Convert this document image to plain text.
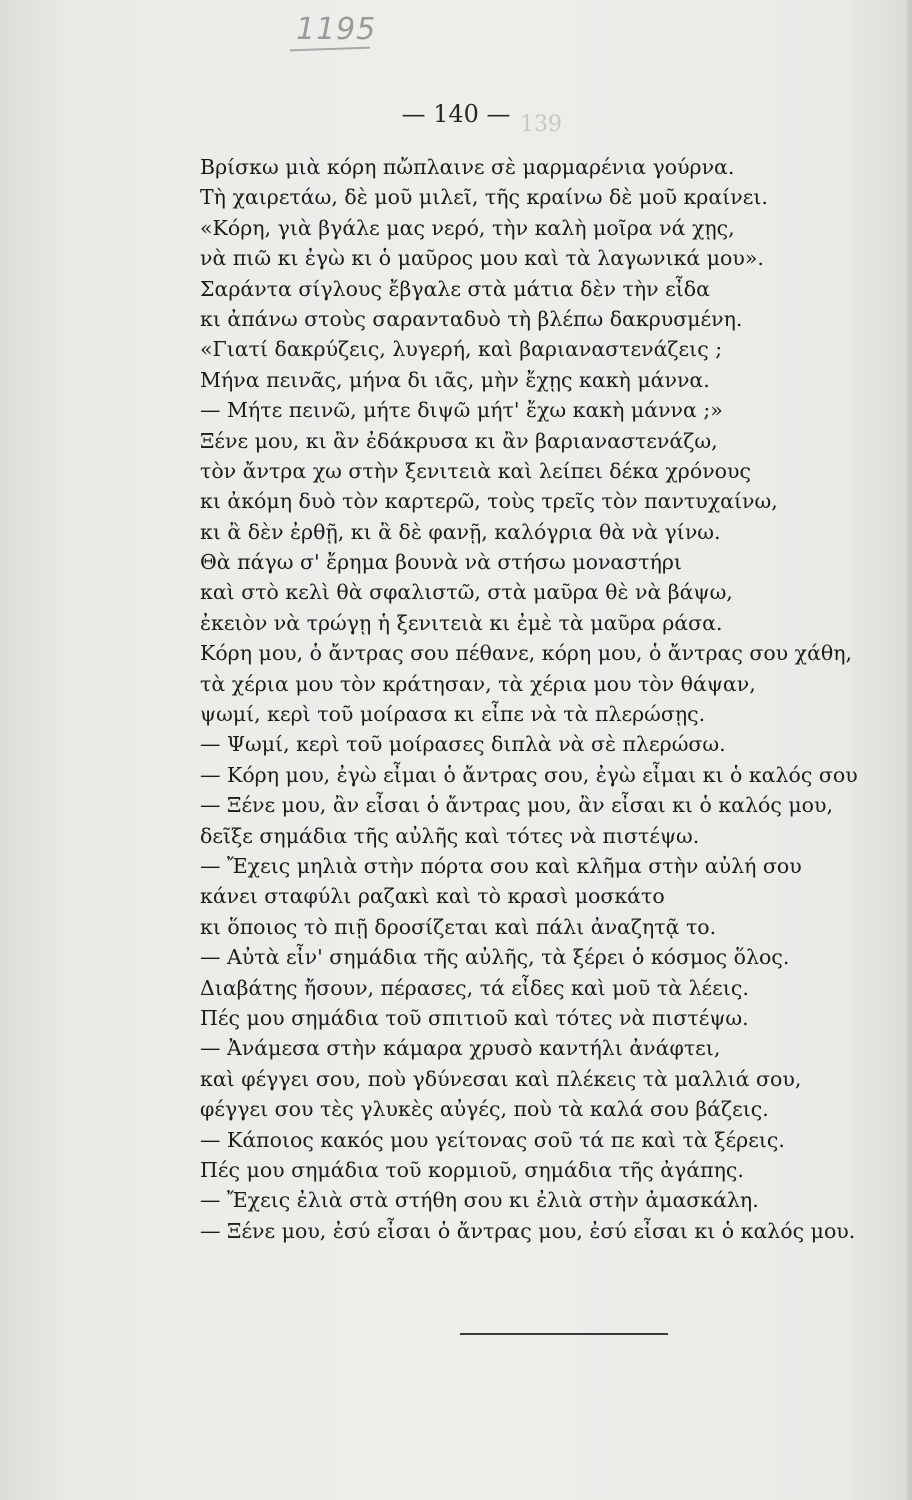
1195
139
— 140 —
Βρίσκω μιὰ κόρη πὤπλαινε σὲ μαρμαρένια γούρνα.
Τὴ χαιρετάω, δὲ μοῦ μιλεῖ, τῆς κραίνω δὲ μοῦ κραίνει.
«Κόρη, γιὰ βγάλε μας νερό, τὴν καλὴ μοῖρα νά χῃς,
νὰ πιῶ κι ἐγὼ κι ὁ μαῦρος μου καὶ τὰ λαγωνικά μου».
Σαράντα σίγλους ἔβγαλε στὰ μάτια δὲν τὴν εἶδα
κι ἀπάνω στοὺς σαρανταδυὸ τὴ βλέπω δακρυσμένη.
«Γιατί δακρύζεις, λυγερή, καὶ βαριαναστενάζεις ;
Μήνα πεινᾶς, μήνα δι ιᾶς, μὴν ἔχῃς κακὴ μάννα.
— Μήτε πεινῶ, μήτε διψῶ μήτ' ἔχω κακὴ μάννα ;»
Ξένε μου, κι ἂν ἐδάκρυσα κι ἂν βαριαναστενάζω,
τὸν ἄντρα χω στὴν ξενιτειὰ καὶ λείπει δέκα χρόνους
κι ἀκόμη δυὸ τὸν καρτερῶ, τοὺς τρεῖς τὸν παντυχαίνω,
κι ἂ δὲν ἐρθῇ, κι ἂ δὲ φανῇ, καλόγρια θὰ νὰ γίνω.
Θὰ πάγω σ' ἔρημα βουνὰ νὰ στήσω μοναστήρι
καὶ στὸ κελὶ θὰ σφαλιστῶ, στὰ μαῦρα θὲ νὰ βάψω,
ἐκειὸν νὰ τρώγῃ ἡ ξενιτειὰ κι ἐμὲ τὰ μαῦρα ράσα.
Κόρη μου, ὁ ἄντρας σου πέθανε, κόρη μου, ὁ ἄντρας σου χάθη,
τὰ χέρια μου τὸν κράτησαν, τὰ χέρια μου τὸν θάψαν,
ψωμί, κερὶ τοῦ μοίρασα κι εἶπε νὰ τὰ πλερώσῃς.
— Ψωμί, κερὶ τοῦ μοίρασες διπλὰ νὰ σὲ πλερώσω.
— Κόρη μου, ἐγὼ εἶμαι ὁ ἄντρας σου, ἐγὼ εἶμαι κι ὁ καλός σου
— Ξένε μου, ἂν εἶσαι ὁ ἄντρας μου, ἂν εἶσαι κι ὁ καλός μου,
δεῖξε σημάδια τῆς αὐλῆς καὶ τότες νὰ πιστέψω.
— Ἔχεις μηλιὰ στὴν πόρτα σου καὶ κλῆμα στὴν αὐλή σου
κάνει σταφύλι ραζακὶ καὶ τὸ κρασὶ μοσκάτο
κι ὅποιος τὸ πιῇ δροσίζεται καὶ πάλι ἀναζητᾷ το.
— Αὐτὰ εἶν' σημάδια τῆς αὐλῆς, τὰ ξέρει ὁ κόσμος ὅλος.
Διαβάτης ἤσουν, πέρασες, τά εἶδες καὶ μοῦ τὰ λέεις.
Πές μου σημάδια τοῦ σπιτιοῦ καὶ τότες νὰ πιστέψω.
— Ἀνάμεσα στὴν κάμαρα χρυσὸ καντήλι ἀνάφτει,
καὶ φέγγει σου, ποὺ γδύνεσαι καὶ πλέκεις τὰ μαλλιά σου,
φέγγει σου τὲς γλυκὲς αὐγές, ποὺ τὰ καλά σου βάζεις.
— Κάποιος κακός μου γείτονας σοῦ τά πε καὶ τὰ ξέρεις.
Πές μου σημάδια τοῦ κορμιοῦ, σημάδια τῆς ἀγάπης.
— Ἔχεις ἐλιὰ στὰ στήθη σου κι ἐλιὰ στὴν ἀμασκάλη.
— Ξένε μου, ἐσύ εἶσαι ὁ ἄντρας μου, ἐσύ εἶσαι κι ὁ καλός μου.
